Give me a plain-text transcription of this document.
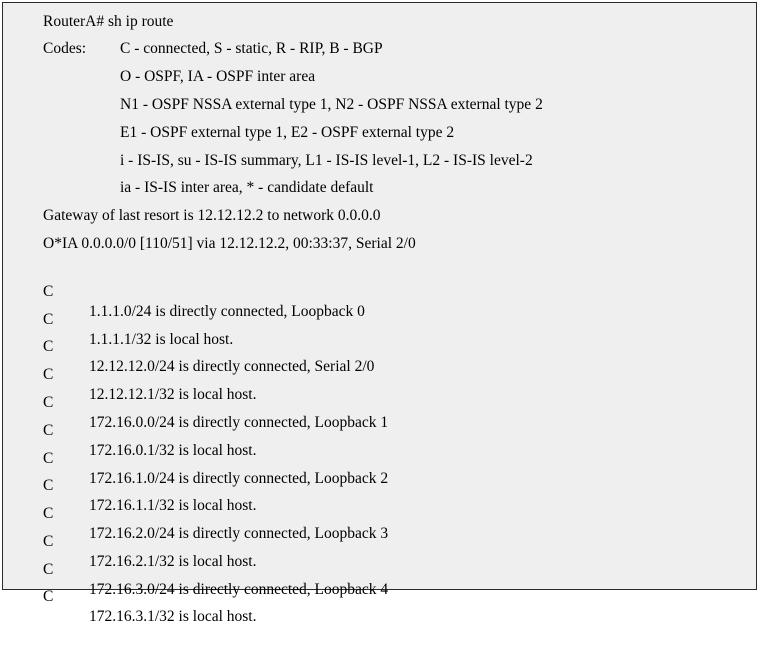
RouterA# sh ip route
Codes: C - connected, S - static, R - RIP, B - BGP
O - OSPF, IA - OSPF inter area
N1 - OSPF NSSA external type 1, N2 - OSPF NSSA external type 2
E1 - OSPF external type 1, E2 - OSPF external type 2
i - IS-IS, su - IS-IS summary, L1 - IS-IS level-1, L2 - IS-IS level-2
ia - IS-IS inter area, * - candidate default
Gateway of last resort is 12.12.12.2 to network 0.0.0.0
O*IA 0.0.0.0/0 [110/51] via 12.12.12.2, 00:33:37, Serial 2/0

C

1.1.1.0/24 is directly connected, Loopback 0

C

1.1.1.1/32 is local host.

C

12.12.12.0/24 is directly connected, Serial 2/0

C

12.12.12.1/32 is local host.

C

172.16.0.0/24 is directly connected, Loopback 1

C

172.16.0.1/32 is local host.

C

172.16.1.0/24 is directly connected, Loopback 2

C

172.16.1.1/32 is local host.

C

172.16.2.0/24 is directly connected, Loopback 3

C

172.16.2.1/32 is local host.

C

172.16.3.0/24 is directly connected, Loopback 4

C

172.16.3.1/32 is local host.
